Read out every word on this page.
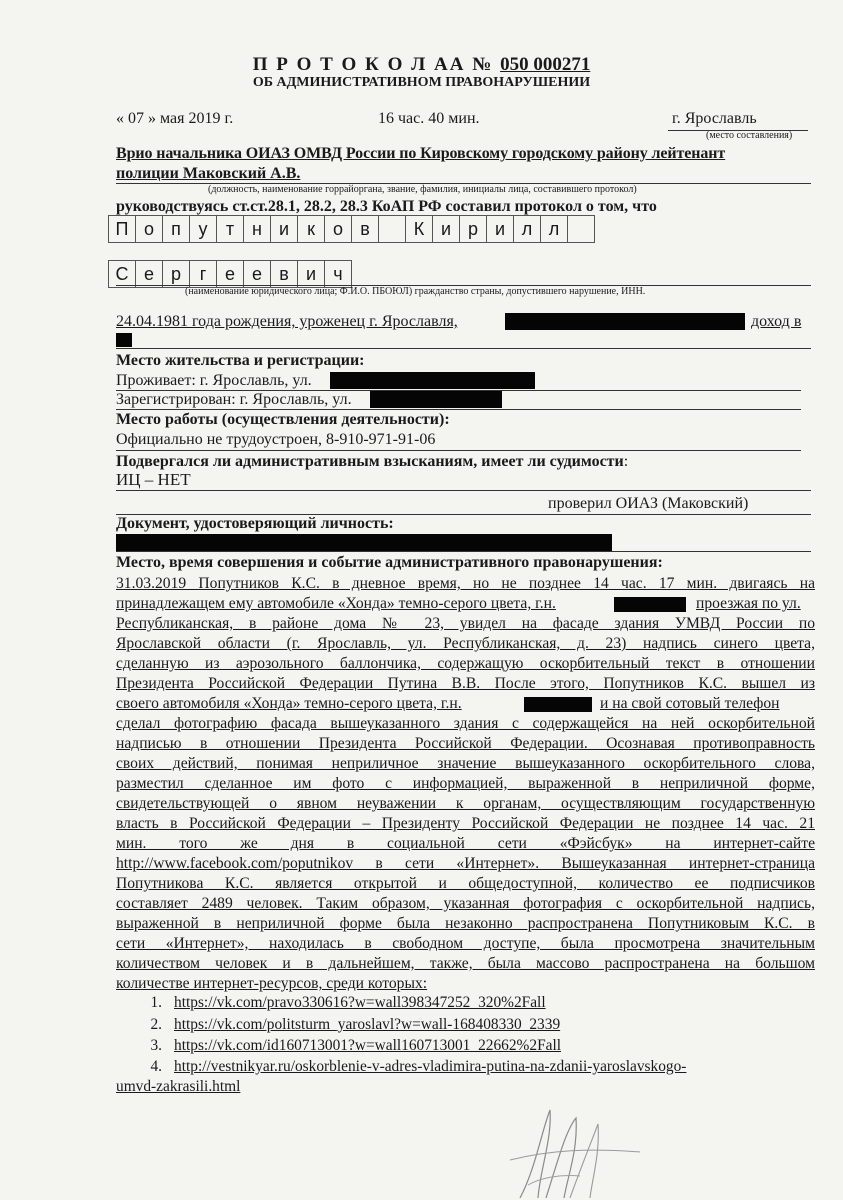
П Р О Т О К О Л АА № 050 000271
ОБ АДМИНИСТРАТИВНОМ ПРАВОНАРУШЕНИИ
« 07 » мая 2019 г.	16 час. 40 мин.	г. Ярославль
(место составления)
Врио начальника ОИАЗ ОМВД России по Кировскому городскому району лейтенант
полиции Маковский А.В.
(должность, наименование горрайоргана, звание, фамилия, инициалы лица, составившего протокол)
руководствуясь ст.ст.28.1, 28.2, 28.3 КоАП РФ составил протокол о том, что
П о п у	т н и	к	о в	К и р и л л
С е р	г	е е в и ч
(наименование юридического лица; Ф.И.О. ПБОЮЛ) гражданство страны, допустившего нарушение, ИНН.
24.04.1981 года рождения, уроженец г. Ярославля,	доход в
Место жительства и регистрации:
Проживает: г. Ярославль, ул.
Зарегистрирован: г. Ярославль, ул.
Место работы (осуществления деятельности):
Официально не трудоустроен, 8-910-971-91-06
Подвергался ли административным взысканиям, имеет ли судимости:
ИЦ – НЕТ
проверил ОИАЗ (Маковский)
Документ, удостоверяющий личность:
Место, время совершения и событие административного правонарушения:
31.03.2019 Попутников К.С. в дневное время, но не позднее 14 час. 17 мин. двигаясь на
принадлежащем ему автомобиле «Хонда» темно-серого цвета, г.н.	проезжая по ул.
Республиканская, в районе дома № 23, увидел на фасаде здания УМВД России по
Ярославской области (г. Ярославль, ул. Республиканская, д. 23) надпись синего цвета,
сделанную из аэрозольного баллончика, содержащую оскорбительный текст в отношении
Президента Российской Федерации Путина В.В. После этого, Попутников К.С. вышел из
своего автомобиля «Хонда» темно-серого цвета, г.н.	и на свой сотовый телефон
сделал фотографию фасада вышеуказанного здания с содержащейся на ней оскорбительной
надписью в отношении Президента Российской Федерации. Осознавая противоправность
своих действий, понимая неприличное значение вышеуказанного оскорбительного слова,
разместил сделанное им фото с информацией, выраженной в неприличной форме,
свидетельствующей о явном неуважении к органам, осуществляющим государственную
власть в Российской Федерации – Президенту Российской Федерации не позднее 14 час. 21
мин. того же дня в социальной сети «Фэйсбук» на интернет-сайте
http://www.facebook.com/poputnikov в сети «Интернет». Вышеуказанная интернет-страница
Попутникова К.С. является открытой и общедоступной, количество ее подписчиков
составляет 2489 человек. Таким образом, указанная фотография с оскорбительной надпись,
выраженной в неприличной форме была незаконно распространена Попутниковым К.С. в
сети «Интернет», находилась в свободном доступе, была просмотрена значительным
количеством человек и в дальнейшем, также, была массово распространена на большом
количестве интернет-ресурсов, среди которых:
1. https://vk.com/pravo330616?w=wall398347252_320%2Fall
2. https://vk.com/politsturm_yaroslavl?w=wall-168408330_2339
3. https://vk.com/id160713001?w=wall160713001_22662%2Fall
4. http://vestnikyar.ru/oskorblenie-v-adres-vladimira-putina-na-zdanii-yaroslavskogo-
umvd-zakrasili.html
